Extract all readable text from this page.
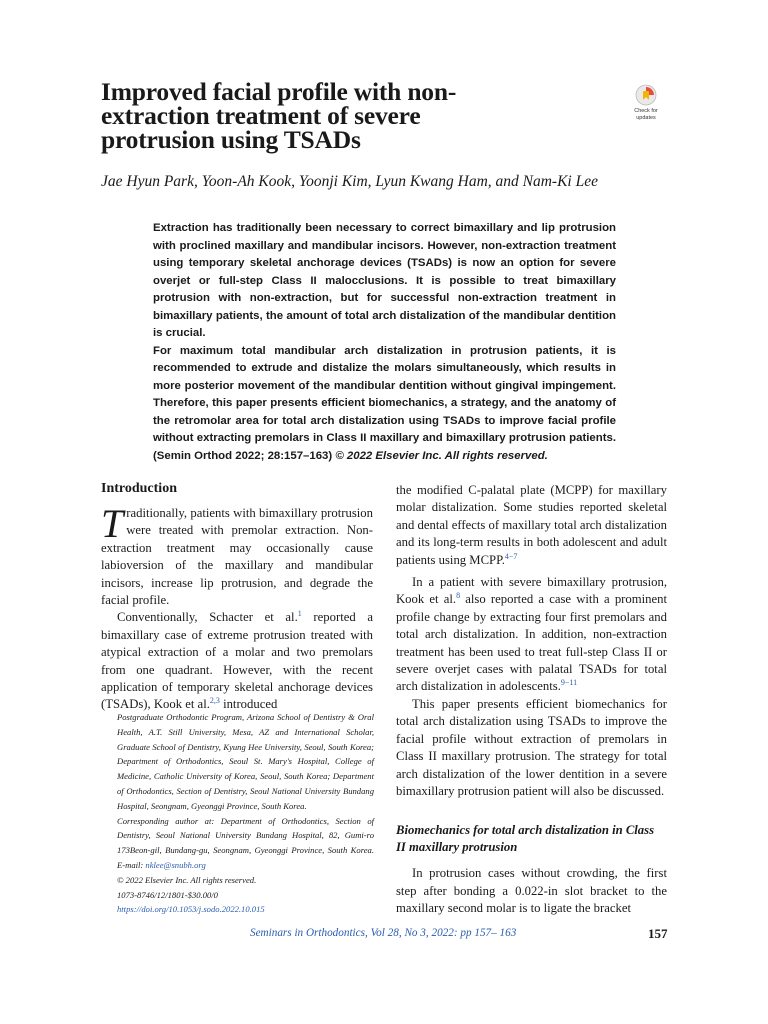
Improved facial profile with non-extraction treatment of severe protrusion using TSADs
Check for
updates

Jae Hyun Park, Yoon-Ah Kook, Yoonji Kim, Lyun Kwang Ham, and Nam-Ki Lee

Extraction has traditionally been necessary to correct bimaxillary and lip protrusion with proclined maxillary and mandibular incisors. However, non-extraction treatment using temporary skeletal anchorage devices (TSADs) is now an option for severe overjet or full-step Class II malocclusions. It is possible to treat bimaxillary protrusion with non-extraction, but for successful non-extraction treatment in bimaxillary patients, the amount of total arch distalization of the mandibular dentition is crucial.

For maximum total mandibular arch distalization in protrusion patients, it is recommended to extrude and distalize the molars simultaneously, which results in more posterior movement of the mandibular dentition without gingival impingement. Therefore, this paper presents efficient biomechanics, a strategy, and the anatomy of the retromolar area for total arch distalization using TSADs to improve facial profile without extracting premolars in Class II maxillary and bimaxillary protrusion patients. (Semin Orthod 2022; 28:157–163) © 2022 Elsevier Inc. All rights reserved.

Introduction

Traditionally, patients with bimaxillary protrusion were treated with premolar extraction. Non-extraction treatment may occasionally cause labioversion of the maxillary and mandibular incisors, increase lip protrusion, and degrade the facial profile.

Conventionally, Schacter et al.$^1$ reported a bimaxillary case of extreme protrusion treated with atypical extraction of a molar and two premolars from one quadrant. However, with the recent application of temporary skeletal anchorage devices (TSADs), Kook et al.$^{2,3}$ introduced

Postgraduate Orthodontic Program, Arizona School of Dentistry & Oral Health, A.T. Still University, Mesa, AZ and International Scholar, Graduate School of Dentistry, Kyung Hee University, Seoul, South Korea; Department of Orthodontics, Seoul St. Mary's Hospital, College of Medicine, Catholic University of Korea, Seoul, South Korea; Department of Orthodontics, Section of Dentistry, Seoul National University Bundang Hospital, Seongnam, Gyeonggi Province, South Korea.

Corresponding author at: Department of Orthodontics, Section of Dentistry, Seoul National University Bundang Hospital, 82, Gumi-ro 173Beon-gil, Bundang-gu, Seongnam, Gyeonggi Province, South Korea. E-mail: nklee@snubh.org

© 2022 Elsevier Inc. All rights reserved.

1073-8746/12/1801-$30.00/0

https://doi.org/10.1053/j.sodo.2022.10.015

the modified C-palatal plate (MCPP) for maxillary molar distalization. Some studies reported skeletal and dental effects of maxillary total arch distalization and its long-term results in both adolescent and adult patients using MCPP.$^{4-7}$

In a patient with severe bimaxillary protrusion, Kook et al.$^8$ also reported a case with a prominent profile change by extracting four first premolars and total arch distalization. In addition, non-extraction treatment has been used to treat full-step Class II or severe overjet cases with palatal TSADs for total arch distalization in adolescents.$^{9-11}$

This paper presents efficient biomechanics for total arch distalization using TSADs to improve the facial profile without extraction of premolars in Class II maxillary protrusion. The strategy for total arch distalization of the lower dentition in a severe bimaxillary protrusion patient will also be discussed.

Biomechanics for total arch distalization in Class II maxillary protrusion

In protrusion cases without crowding, the first step after bonding a 0.022-in slot bracket to the maxillary second molar is to ligate the bracket

Seminars in Orthodontics, Vol 28, No 3, 2022: pp 157– 163	157
